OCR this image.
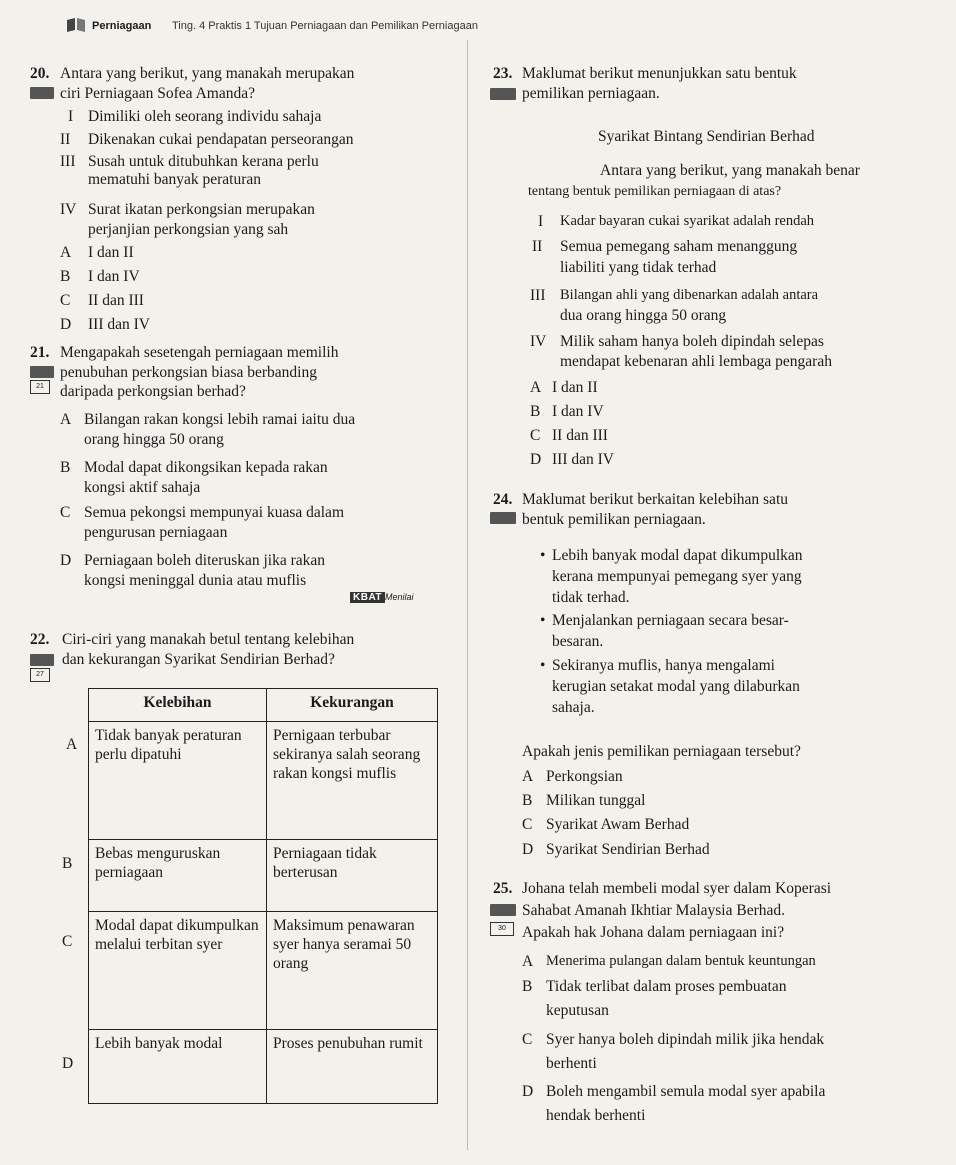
Perniagaan Ting. 4 Praktis 1 Tujuan Perniagaan dan Pemilikan Perniagaan
20. Antara yang berikut, yang manakah merupakan
ciri Perniagaan Sofea Amanda?
I Dimiliki oleh seorang individu sahaja
II Dikenakan cukai pendapatan perseorangan
III Susah untuk ditubuhkan kerana perlu
mematuhi banyak peraturan
IV Surat ikatan perkongsian merupakan
perjanjian perkongsian yang sah
A I dan II
B I dan IV
C II dan III
D III dan IV
21. Mengapakah sesetengah perniagaan memilih
penubuhan perkongsian biasa berbanding
21	daripada perkongsian berhad?
A Bilangan rakan kongsi lebih ramai iaitu dua
orang hingga 50 orang
B Modal dapat dikongsikan kepada rakan
kongsi aktif sahaja
C Semua pekongsi mempunyai kuasa dalam
pengurusan perniagaan
D Perniagaan boleh diteruskan jika rakan
kongsi meninggal dunia atau muflis
KBAT Menilai
22. Ciri-ciri yang manakah betul tentang kelebihan
dan kekurangan Syarikat Sendirian Berhad?
27
A
B
C
D
Kelebihan	Kekurangan
Tidak banyak peraturan perlu dipatuhi	Pernigaan terbubar sekiranya salah seorang rakan kongsi muflis
Bebas menguruskan perniagaan	Perniagaan tidak berterusan
Modal dapat dikumpulkan melalui terbitan syer	Maksimum penawaran syer hanya seramai 50 orang
Lebih banyak modal	Proses penubuhan rumit
23. Maklumat berikut menunjukkan satu bentuk
pemilikan perniagaan.
Syarikat Bintang Sendirian Berhad
Antara yang berikut, yang manakah benar
tentang bentuk pemilikan perniagaan di atas?
I Kadar bayaran cukai syarikat adalah rendah
II Semua pemegang saham menanggung
liabiliti yang tidak terhad
III Bilangan ahli yang dibenarkan adalah antara
dua orang hingga 50 orang
IV Milik saham hanya boleh dipindah selepas
mendapat kebenaran ahli lembaga pengarah
A I dan II
B I dan IV
C II dan III
D III dan IV
24. Maklumat berikut berkaitan kelebihan satu
bentuk pemilikan perniagaan.
• Lebih banyak modal dapat dikumpulkan
kerana mempunyai pemegang syer yang
tidak terhad.
• Menjalankan perniagaan secara besar-
besaran.
• Sekiranya muflis, hanya mengalami
kerugian setakat modal yang dilaburkan
sahaja.
Apakah jenis pemilikan perniagaan tersebut?
A Perkongsian
B Milikan tunggal
C Syarikat Awam Berhad
D Syarikat Sendirian Berhad
25. Johana telah membeli modal syer dalam Koperasi
Sahabat Amanah Ikhtiar Malaysia Berhad.
30	Apakah hak Johana dalam perniagaan ini?
A Menerima pulangan dalam bentuk keuntungan
B Tidak terlibat dalam proses pembuatan
keputusan
C Syer hanya boleh dipindah milik jika hendak
berhenti
D Boleh mengambil semula modal syer apabila
hendak berhenti
